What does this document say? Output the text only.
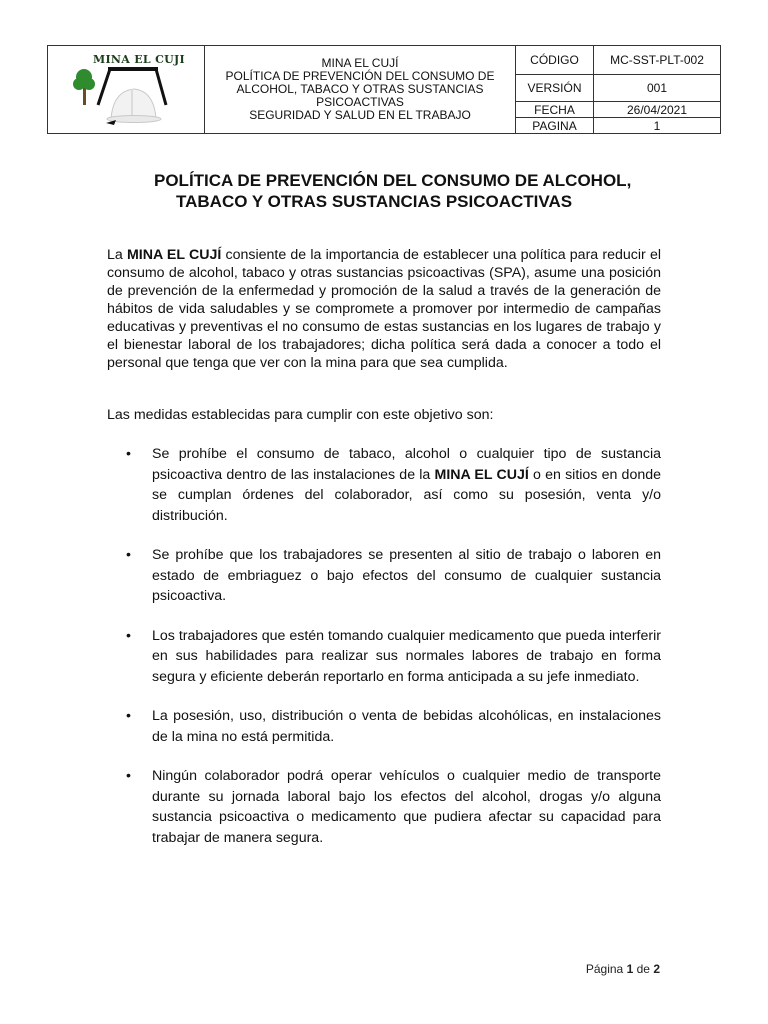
MINA EL CUJI	MINA EL CUJÍ
POLÍTICA DE PREVENCIÓN DEL CONSUMO DE
ALCOHOL, TABACO Y OTRAS SUSTANCIAS
PSICOACTIVAS
SEGURIDAD Y SALUD EN EL TRABAJO	CÓDIGO	MC-SST-PLT-002
		VERSIÓN	001
		FECHA	26/04/2021
		PAGINA	1
POLÍTICA DE PREVENCIÓN DEL CONSUMO DE ALCOHOL,
TABACO Y OTRAS SUSTANCIAS PSICOACTIVAS

La MINA EL CUJÍ consiente de la importancia de establecer una política para reducir el consumo de alcohol, tabaco y otras sustancias psicoactivas (SPA), asume una posición de prevención de la enfermedad y promoción de la salud a través de la generación de hábitos de vida saludables y se compromete a promover por intermedio de campañas educativas y preventivas el no consumo de estas sustancias en los lugares de trabajo y el bienestar laboral de los trabajadores; dicha política será dada a conocer a todo el personal que tenga que ver con la mina para que sea cumplida.

Las medidas establecidas para cumplir con este objetivo son:

• Se prohíbe el consumo de tabaco, alcohol o cualquier tipo de sustancia psicoactiva dentro de las instalaciones de la MINA EL CUJÍ o en sitios en donde se cumplan órdenes del colaborador, así como su posesión, venta y/o distribución.
• Se prohíbe que los trabajadores se presenten al sitio de trabajo o laboren en estado de embriaguez o bajo efectos del consumo de cualquier sustancia psicoactiva.
• Los trabajadores que estén tomando cualquier medicamento que pueda interferir en sus habilidades para realizar sus normales labores de trabajo en forma segura y eficiente deberán reportarlo en forma anticipada a su jefe inmediato.
• La posesión, uso, distribución o venta de bebidas alcohólicas, en instalaciones de la mina no está permitida.
• Ningún colaborador podrá operar vehículos o cualquier medio de transporte durante su jornada laboral bajo los efectos del alcohol, drogas y/o alguna sustancia psicoactiva o medicamento que pudiera afectar su capacidad para trabajar de manera segura.
Página 1 de 2
